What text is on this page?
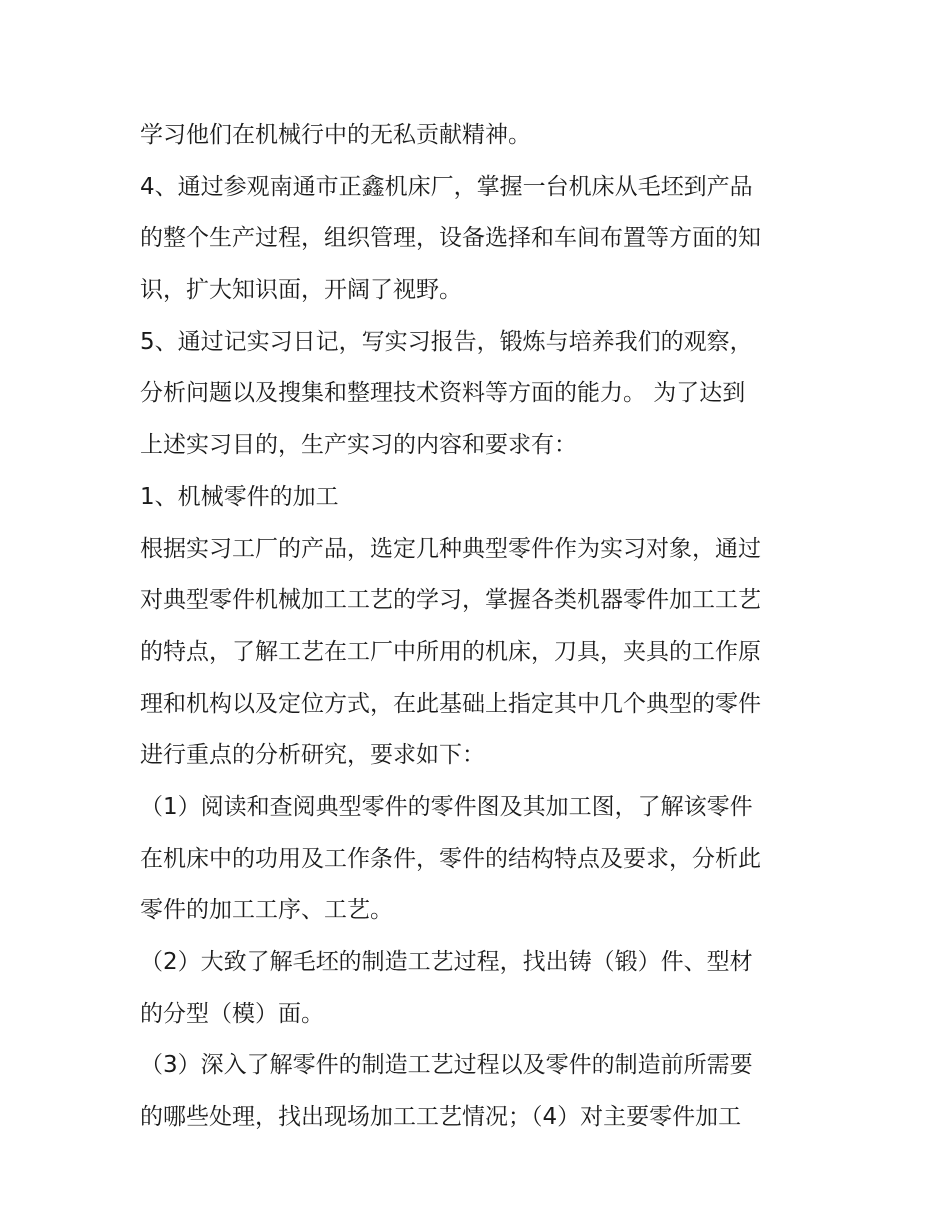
学习他们在机械行中的无私贡献精神。
4、通过参观南通市正鑫机床厂，掌握一台机床从毛坯到产品
的整个生产过程，组织管理，设备选择和车间布置等方面的知
识，扩大知识面，开阔了视野。
5、通过记实习日记，写实习报告，锻炼与培养我们的观察，
分析问题以及搜集和整理技术资料等方面的能力。 为了达到
上述实习目的，生产实习的内容和要求有：
1、机械零件的加工
根据实习工厂的产品，选定几种典型零件作为实习对象，通过
对典型零件机械加工工艺的学习，掌握各类机器零件加工工艺
的特点，了解工艺在工厂中所用的机床，刀具，夹具的工作原
理和机构以及定位方式，在此基础上指定其中几个典型的零件
进行重点的分析研究，要求如下：
（1）阅读和查阅典型零件的零件图及其加工图，了解该零件
在机床中的功用及工作条件，零件的结构特点及要求，分析此
零件的加工工序、工艺。
（2）大致了解毛坯的制造工艺过程，找出铸（锻）件、型材
的分型（模）面。
（3）深入了解零件的制造工艺过程以及零件的制造前所需要
的哪些处理，找出现场加工工艺情况；（4）对主要零件加工
